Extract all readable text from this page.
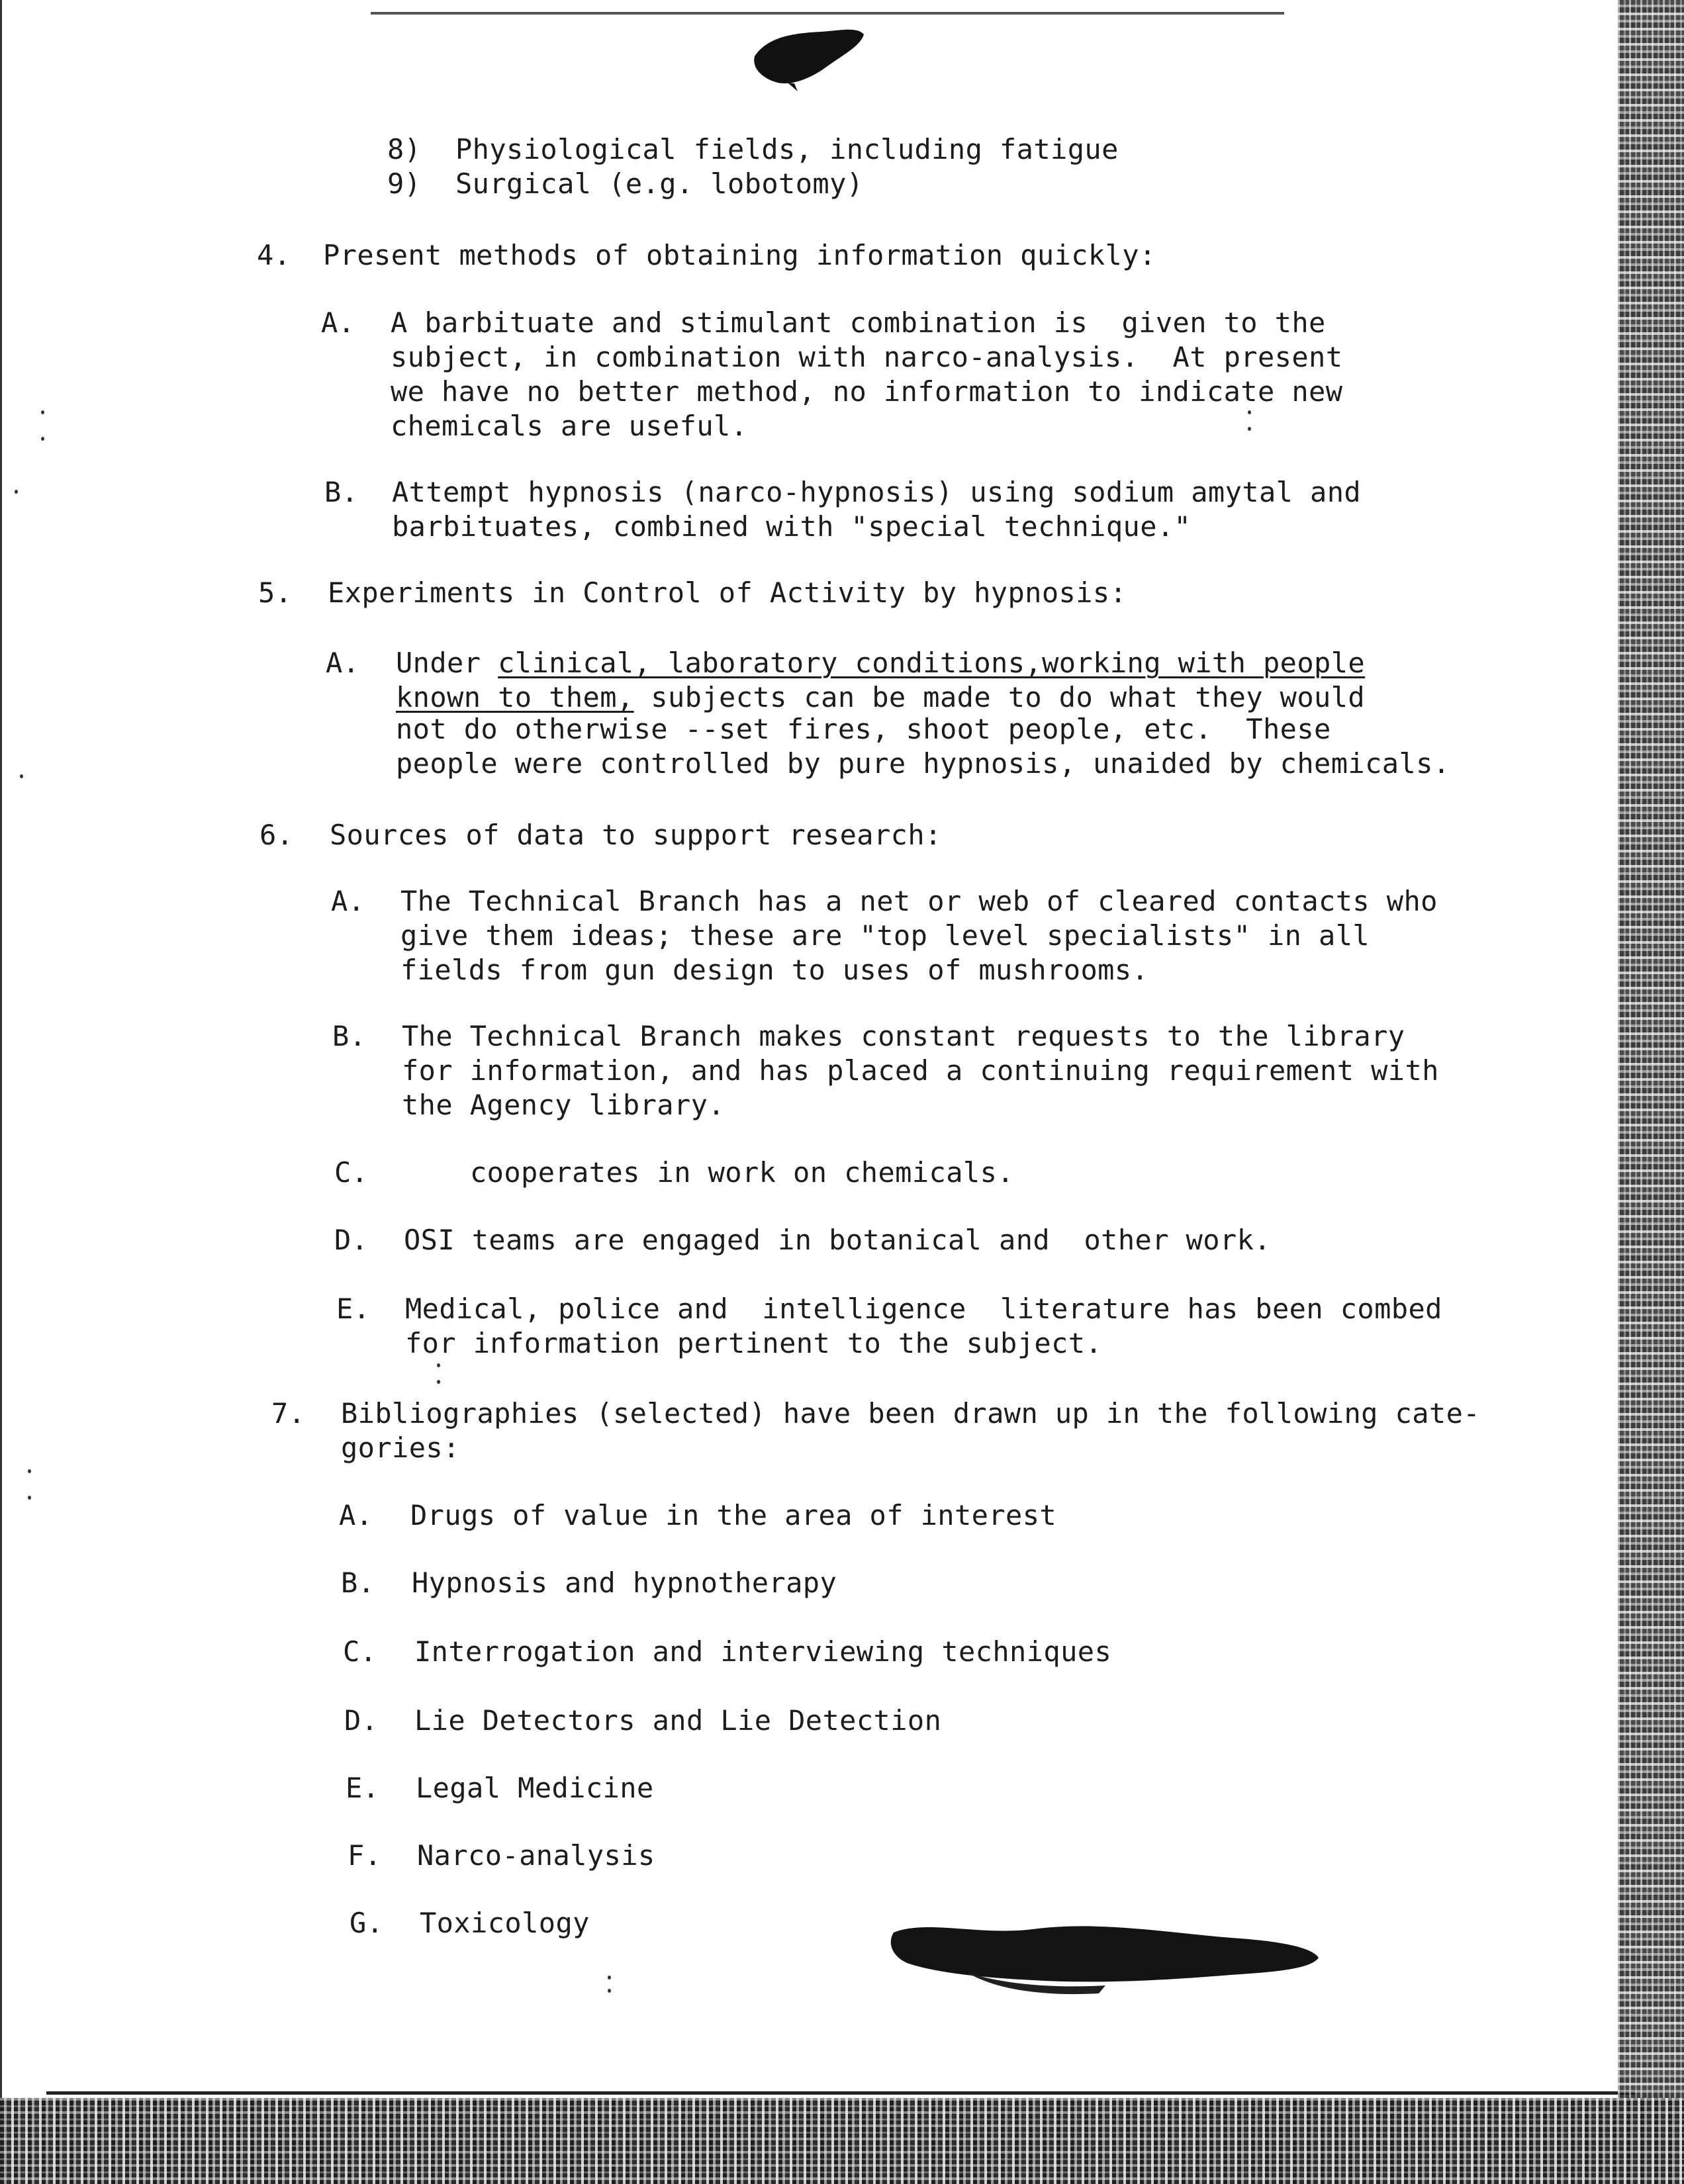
8) Physiological fields, including fatigue
9) Surgical (e.g. lobotomy)
4. Present methods of obtaining information quickly:
A. A barbituate and stimulant combination is  given to the
subject, in combination with narco-analysis.  At present
we have no better method, no information to indicate new
chemicals are useful.
B. Attempt hypnosis (narco-hypnosis) using sodium amytal and
barbituates, combined with "special technique."
5. Experiments in Control of Activity by hypnosis:
A. Under clinical, laboratory conditions,working with people
known to them, subjects can be made to do what they would
not do otherwise --set fires, shoot people, etc.  These
people were controlled by pure hypnosis, unaided by chemicals.
6. Sources of data to support research:
A. The Technical Branch has a net or web of cleared contacts who
give them ideas; these are "top level specialists" in all
fields from gun design to uses of mushrooms.
B. The Technical Branch makes constant requests to the library
for information, and has placed a continuing requirement with
the Agency library.
C.	cooperates in work on chemicals.
D. OSI teams are engaged in botanical and  other work.
E. Medical, police and  intelligence  literature has been combed
for information pertinent to the subject.
7. Bibliographies (selected) have been drawn up in the following cate-
gories:
A. Drugs of value in the area of interest
B. Hypnosis and hypnotherapy
C. Interrogation and interviewing techniques
D. Lie Detectors and Lie Detection
E. Legal Medicine
F. Narco-analysis
G. Toxicology
